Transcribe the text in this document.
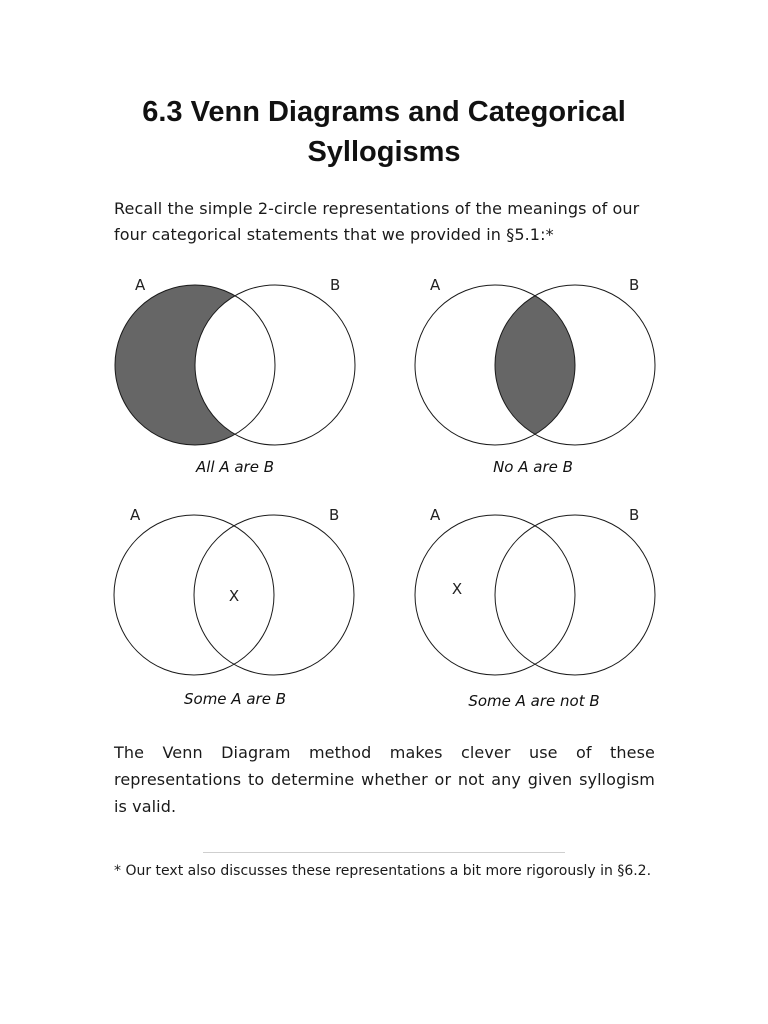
6.3 Venn Diagrams and Categorical Syllogisms

Recall the simple 2-circle representations of the meanings of our four categorical statements that we provided in §5.1:*

A	B
All A are B
A	B
No A are B
A	B
X
Some A are B
A	B
X
Some A are not B

The Venn Diagram method makes clever use of these representations to determine whether or not any given syllogism is valid.

* Our text also discusses these representations a bit more rigorously in §6.2.
